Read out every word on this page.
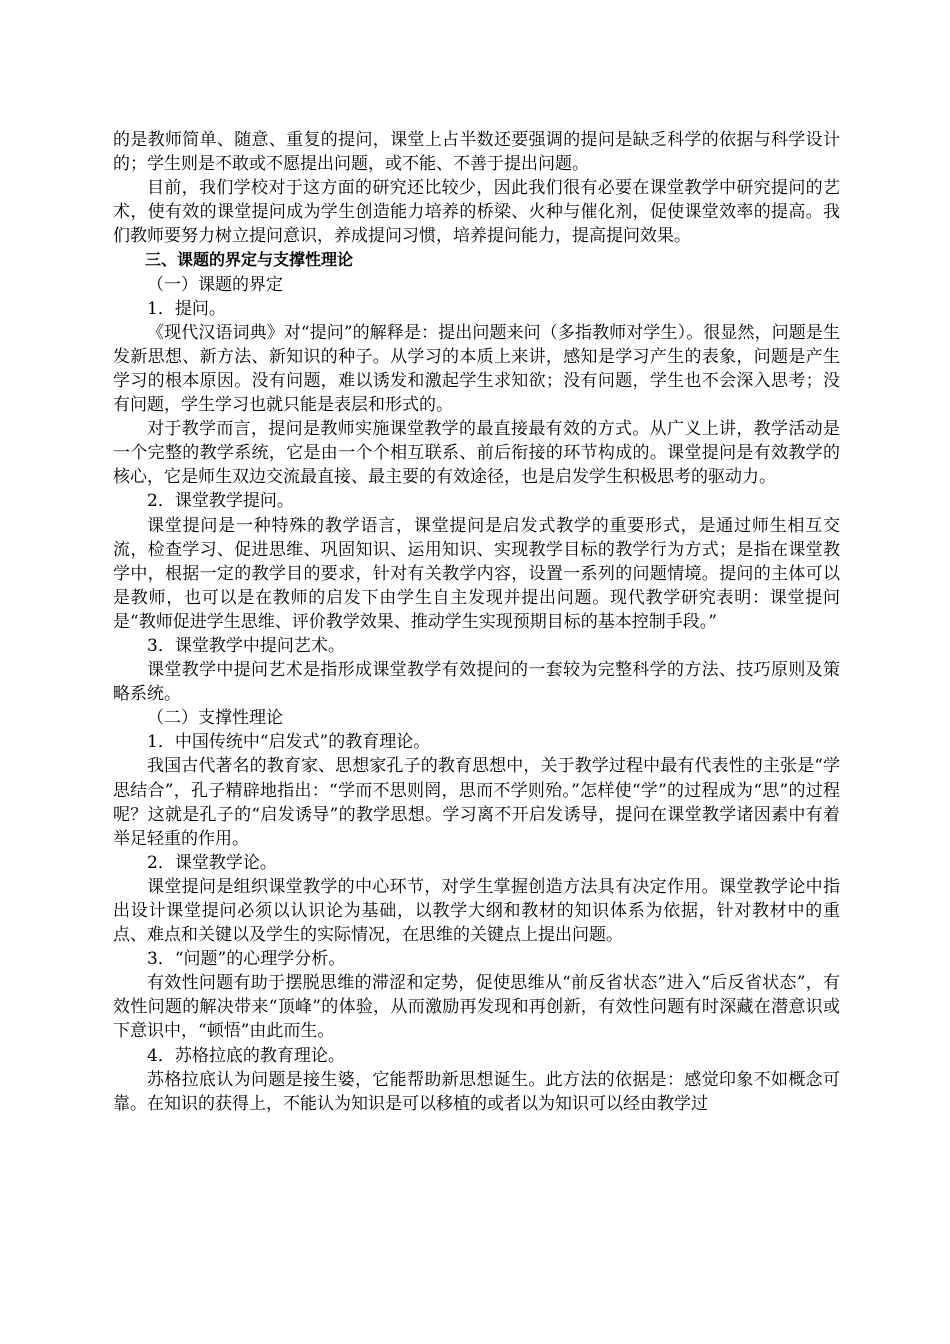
的是教师简单、随意、重复的提问，课堂上占半数还要强调的提问是缺乏科学的依据与科学设计的；学生则是不敢或不愿提出问题，或不能、不善于提出问题。

目前，我们学校对于这方面的研究还比较少，因此我们很有必要在课堂教学中研究提问的艺术，使有效的课堂提问成为学生创造能力培养的桥梁、火种与催化剂，促使课堂效率的提高。我们教师要努力树立提问意识，养成提问习惯，培养提问能力，提高提问效果。

三、课题的界定与支撑性理论

（一）课题的界定

1．提问。

《现代汉语词典》对“提问”的解释是：提出问题来问（多指教师对学生）。很显然，问题是生发新思想、新方法、新知识的种子。从学习的本质上来讲，感知是学习产生的表象，问题是产生学习的根本原因。没有问题，难以诱发和激起学生求知欲；没有问题，学生也不会深入思考；没有问题，学生学习也就只能是表层和形式的。

对于教学而言，提问是教师实施课堂教学的最直接最有效的方式。从广义上讲，教学活动是一个完整的教学系统，它是由一个个相互联系、前后衔接的环节构成的。课堂提问是有效教学的核心，它是师生双边交流最直接、最主要的有效途径，也是启发学生积极思考的驱动力。

2．课堂教学提问。

课堂提问是一种特殊的教学语言，课堂提问是启发式教学的重要形式，是通过师生相互交流，检查学习、促进思维、巩固知识、运用知识、实现教学目标的教学行为方式；是指在课堂教学中，根据一定的教学目的要求，针对有关教学内容，设置一系列的问题情境。提问的主体可以是教师，也可以是在教师的启发下由学生自主发现并提出问题。现代教学研究表明：课堂提问是“教师促进学生思维、评价教学效果、推动学生实现预期目标的基本控制手段。”

3．课堂教学中提问艺术。

课堂教学中提问艺术是指形成课堂教学有效提问的一套较为完整科学的方法、技巧原则及策略系统。

（二）支撑性理论

1．中国传统中“启发式”的教育理论。

我国古代著名的教育家、思想家孔子的教育思想中，关于教学过程中最有代表性的主张是“学思结合”，孔子精辟地指出：“学而不思则罔，思而不学则殆。”怎样使“学”的过程成为“思”的过程呢？这就是孔子的“启发诱导”的教学思想。学习离不开启发诱导，提问在课堂教学诸因素中有着举足轻重的作用。

2．课堂教学论。

课堂提问是组织课堂教学的中心环节，对学生掌握创造方法具有决定作用。课堂教学论中指出设计课堂提问必须以认识论为基础，以教学大纲和教材的知识体系为依据，针对教材中的重点、难点和关键以及学生的实际情况，在思维的关键点上提出问题。

3．“问题”的心理学分析。

有效性问题有助于摆脱思维的滞涩和定势，促使思维从“前反省状态”进入“后反省状态”，有效性问题的解决带来“顶峰”的体验，从而激励再发现和再创新，有效性问题有时深藏在潜意识或下意识中，“顿悟”由此而生。

4．苏格拉底的教育理论。

苏格拉底认为问题是接生婆，它能帮助新思想诞生。此方法的依据是：感觉印象不如概念可靠。在知识的获得上，不能认为知识是可以移植的或者以为知识可以经由教学过
